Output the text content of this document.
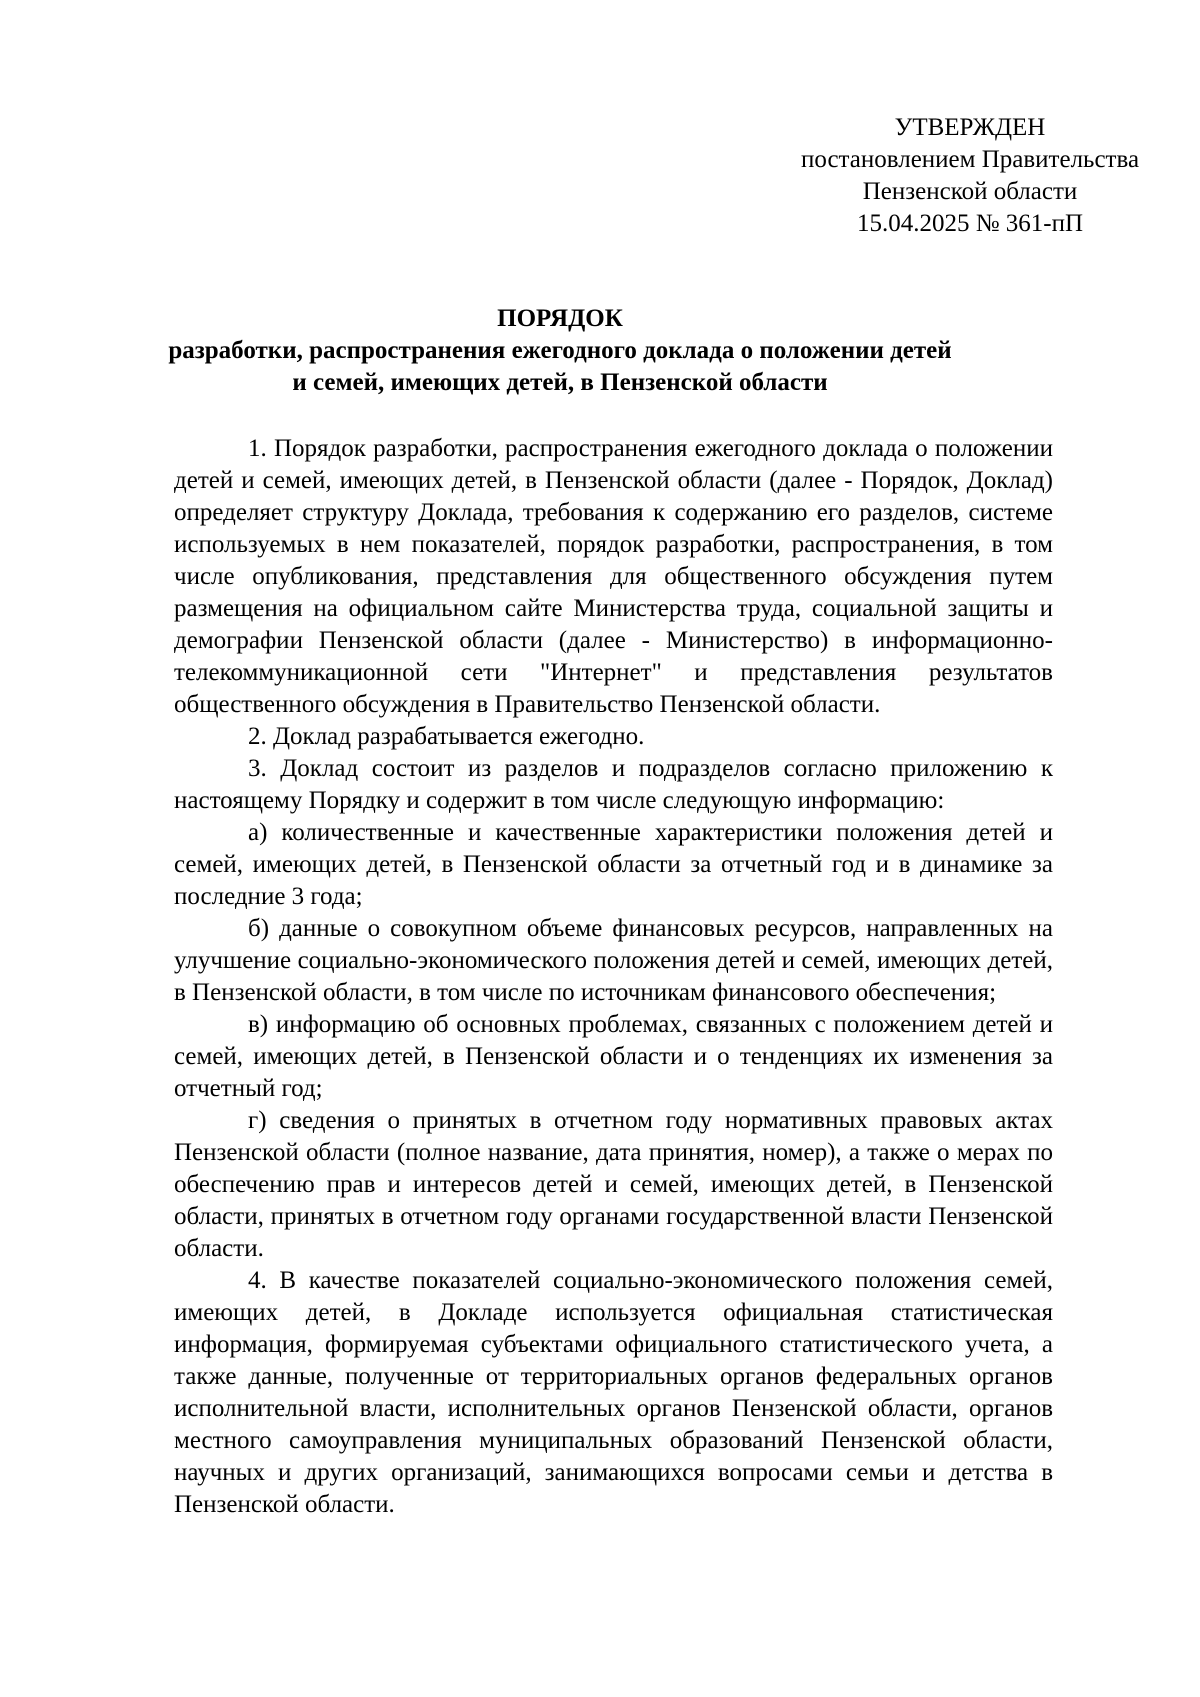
УТВЕРЖДЕН
постановлением Правительства
Пензенской области
15.04.2025 № 361-пП
ПОРЯДОК
разработки, распространения ежегодного доклада о положении детей
и семей, имеющих детей, в Пензенской области

1. Порядок разработки, распространения ежегодного доклада о положении детей и семей, имеющих детей, в Пензенской области (далее - Порядок, Доклад) определяет структуру Доклада, требования к содержанию его разделов, системе используемых в нем показателей, порядок разработки, распространения, в том числе опубликования, представления для общественного обсуждения путем размещения на официальном сайте Министерства труда, социальной защиты и демографии Пензенской области (далее - Министерство) в информационно-телекоммуникационной сети "Интернет" и представления результатов общественного обсуждения в Правительство Пензенской области.

2. Доклад разрабатывается ежегодно.

3. Доклад состоит из разделов и подразделов согласно приложению к настоящему Порядку и содержит в том числе следующую информацию:

а) количественные и качественные характеристики положения детей и семей, имеющих детей, в Пензенской области за отчетный год и в динамике за последние 3 года;

б) данные о совокупном объеме финансовых ресурсов, направленных на улучшение социально-экономического положения детей и семей, имеющих детей, в Пензенской области, в том числе по источникам финансового обеспечения;

в) информацию об основных проблемах, связанных с положением детей и семей, имеющих детей, в Пензенской области и о тенденциях их изменения за отчетный год;

г) сведения о принятых в отчетном году нормативных правовых актах Пензенской области (полное название, дата принятия, номер), а также о мерах по обеспечению прав и интересов детей и семей, имеющих детей, в Пензенской области, принятых в отчетном году органами государственной власти Пензенской области.

4. В качестве показателей социально-экономического положения семей, имеющих детей, в Докладе используется официальная статистическая информация, формируемая субъектами официального статистического учета, а также данные, полученные от территориальных органов федеральных органов исполнительной власти, исполнительных органов Пензенской области, органов местного самоуправления муниципальных образований Пензенской области, научных и других организаций, занимающихся вопросами семьи и детства в Пензенской области.
